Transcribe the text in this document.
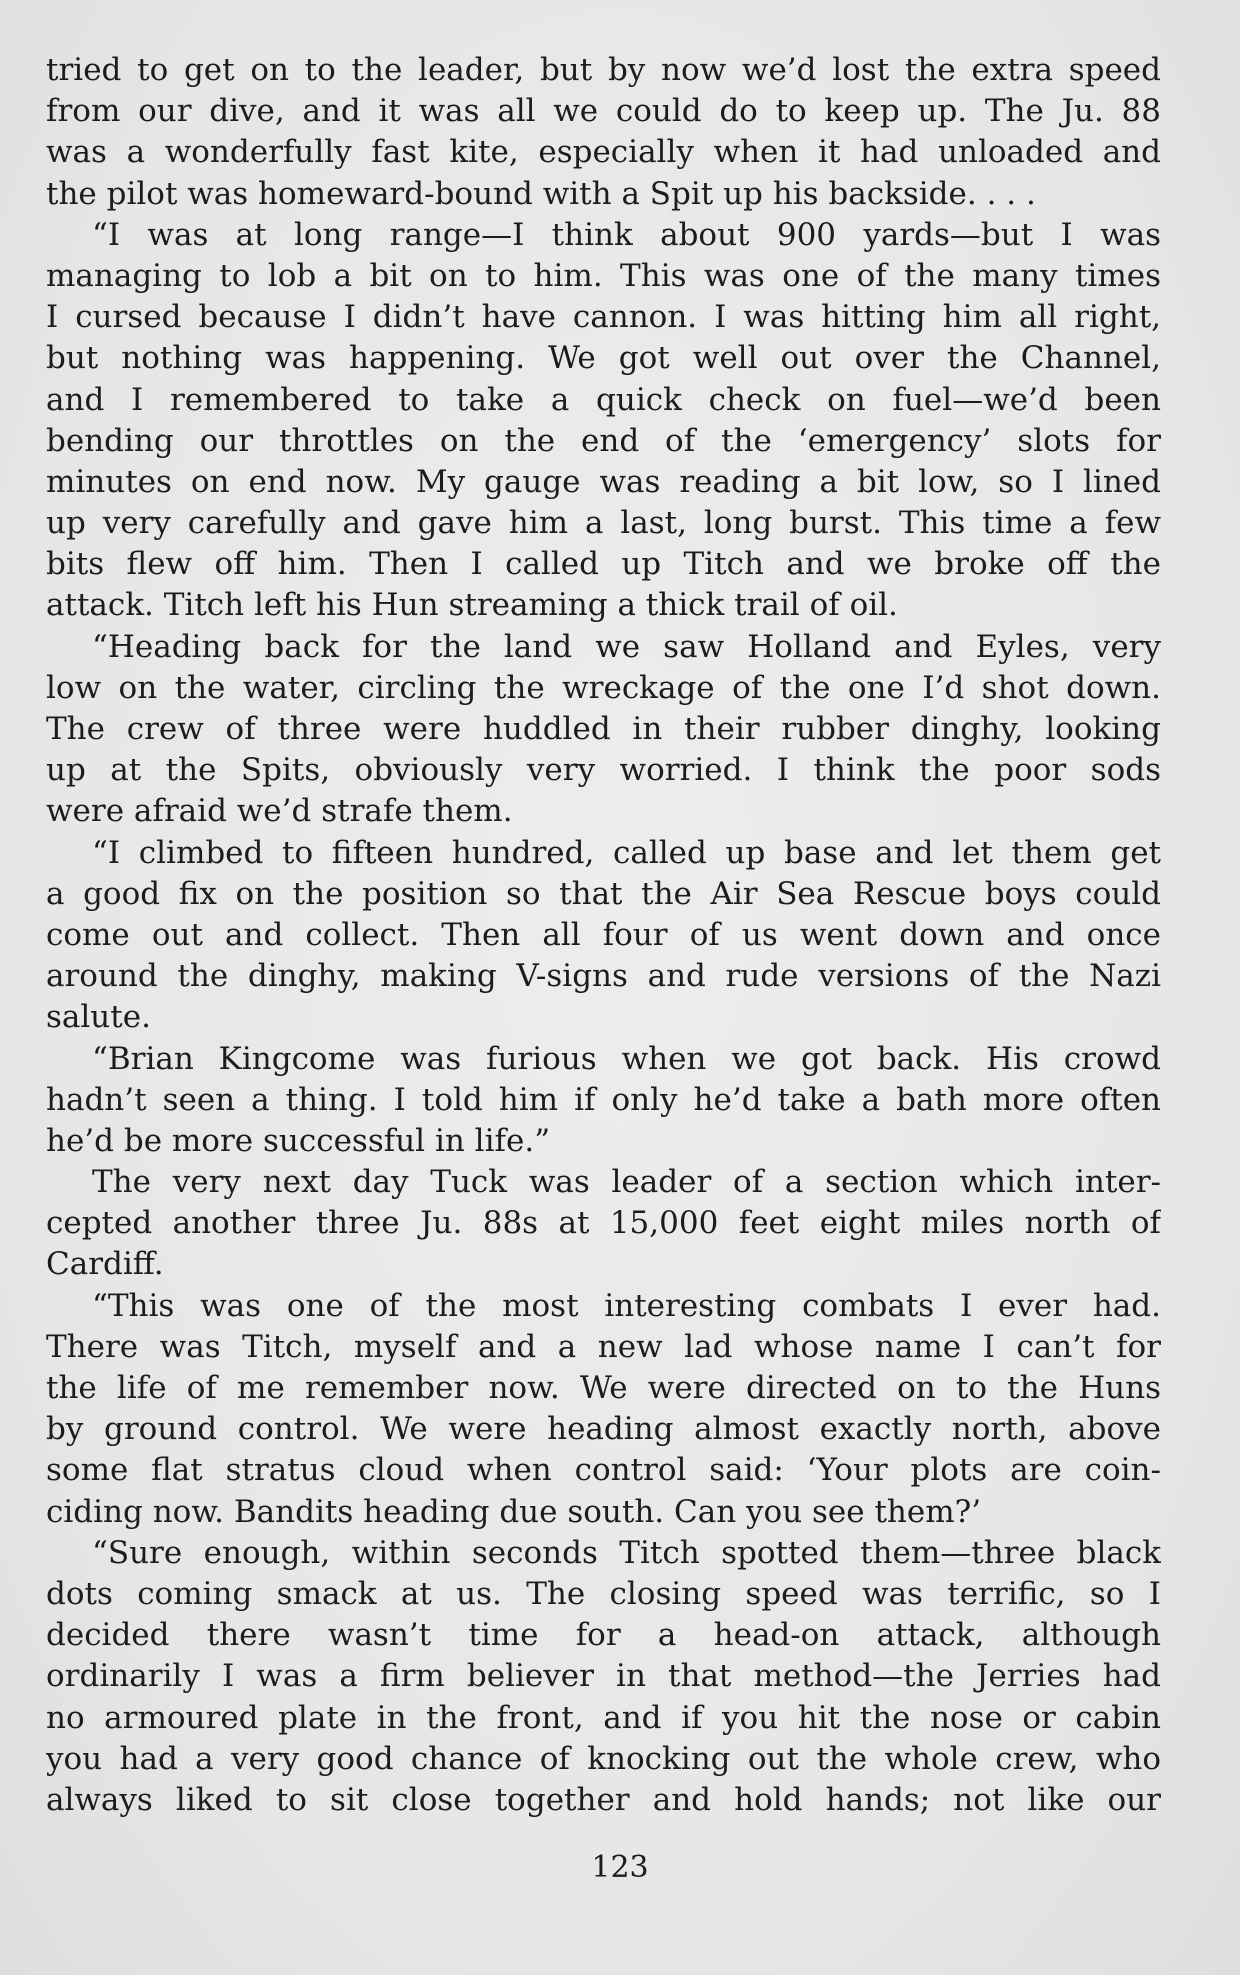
tried to get on to the leader, but by now we’d lost the extra speed
from our dive, and it was all we could do to keep up. The Ju. 88
was a wonderfully fast kite, especially when it had unloaded and
the pilot was homeward-bound with a Spit up his backside. . . .
“I was at long range—I think about 900 yards—but I was
managing to lob a bit on to him. This was one of the many times
I cursed because I didn’t have cannon. I was hitting him all right,
but nothing was happening. We got well out over the Channel,
and I remembered to take a quick check on fuel—we’d been
bending our throttles on the end of the ‘emergency’ slots for
minutes on end now. My gauge was reading a bit low, so I lined
up very carefully and gave him a last, long burst. This time a few
bits flew off him. Then I called up Titch and we broke off the
attack. Titch left his Hun streaming a thick trail of oil.
“Heading back for the land we saw Holland and Eyles, very
low on the water, circling the wreckage of the one I’d shot down.
The crew of three were huddled in their rubber dinghy, looking
up at the Spits, obviously very worried. I think the poor sods
were afraid we’d strafe them.
“I climbed to fifteen hundred, called up base and let them get
a good fix on the position so that the Air Sea Rescue boys could
come out and collect. Then all four of us went down and once
around the dinghy, making V-signs and rude versions of the Nazi
salute.
“Brian Kingcome was furious when we got back. His crowd
hadn’t seen a thing. I told him if only he’d take a bath more often
he’d be more successful in life.”
The very next day Tuck was leader of a section which inter-
cepted another three Ju. 88s at 15,000 feet eight miles north of
Cardiff.
“This was one of the most interesting combats I ever had.
There was Titch, myself and a new lad whose name I can’t for
the life of me remember now. We were directed on to the Huns
by ground control. We were heading almost exactly north, above
some flat stratus cloud when control said: ‘Your plots are coin-
ciding now. Bandits heading due south. Can you see them?’
“Sure enough, within seconds Titch spotted them—three black
dots coming smack at us. The closing speed was terrific, so I
decided there wasn’t time for a head-on attack, although
ordinarily I was a firm believer in that method—the Jerries had
no armoured plate in the front, and if you hit the nose or cabin
you had a very good chance of knocking out the whole crew, who
always liked to sit close together and hold hands; not like our
123
